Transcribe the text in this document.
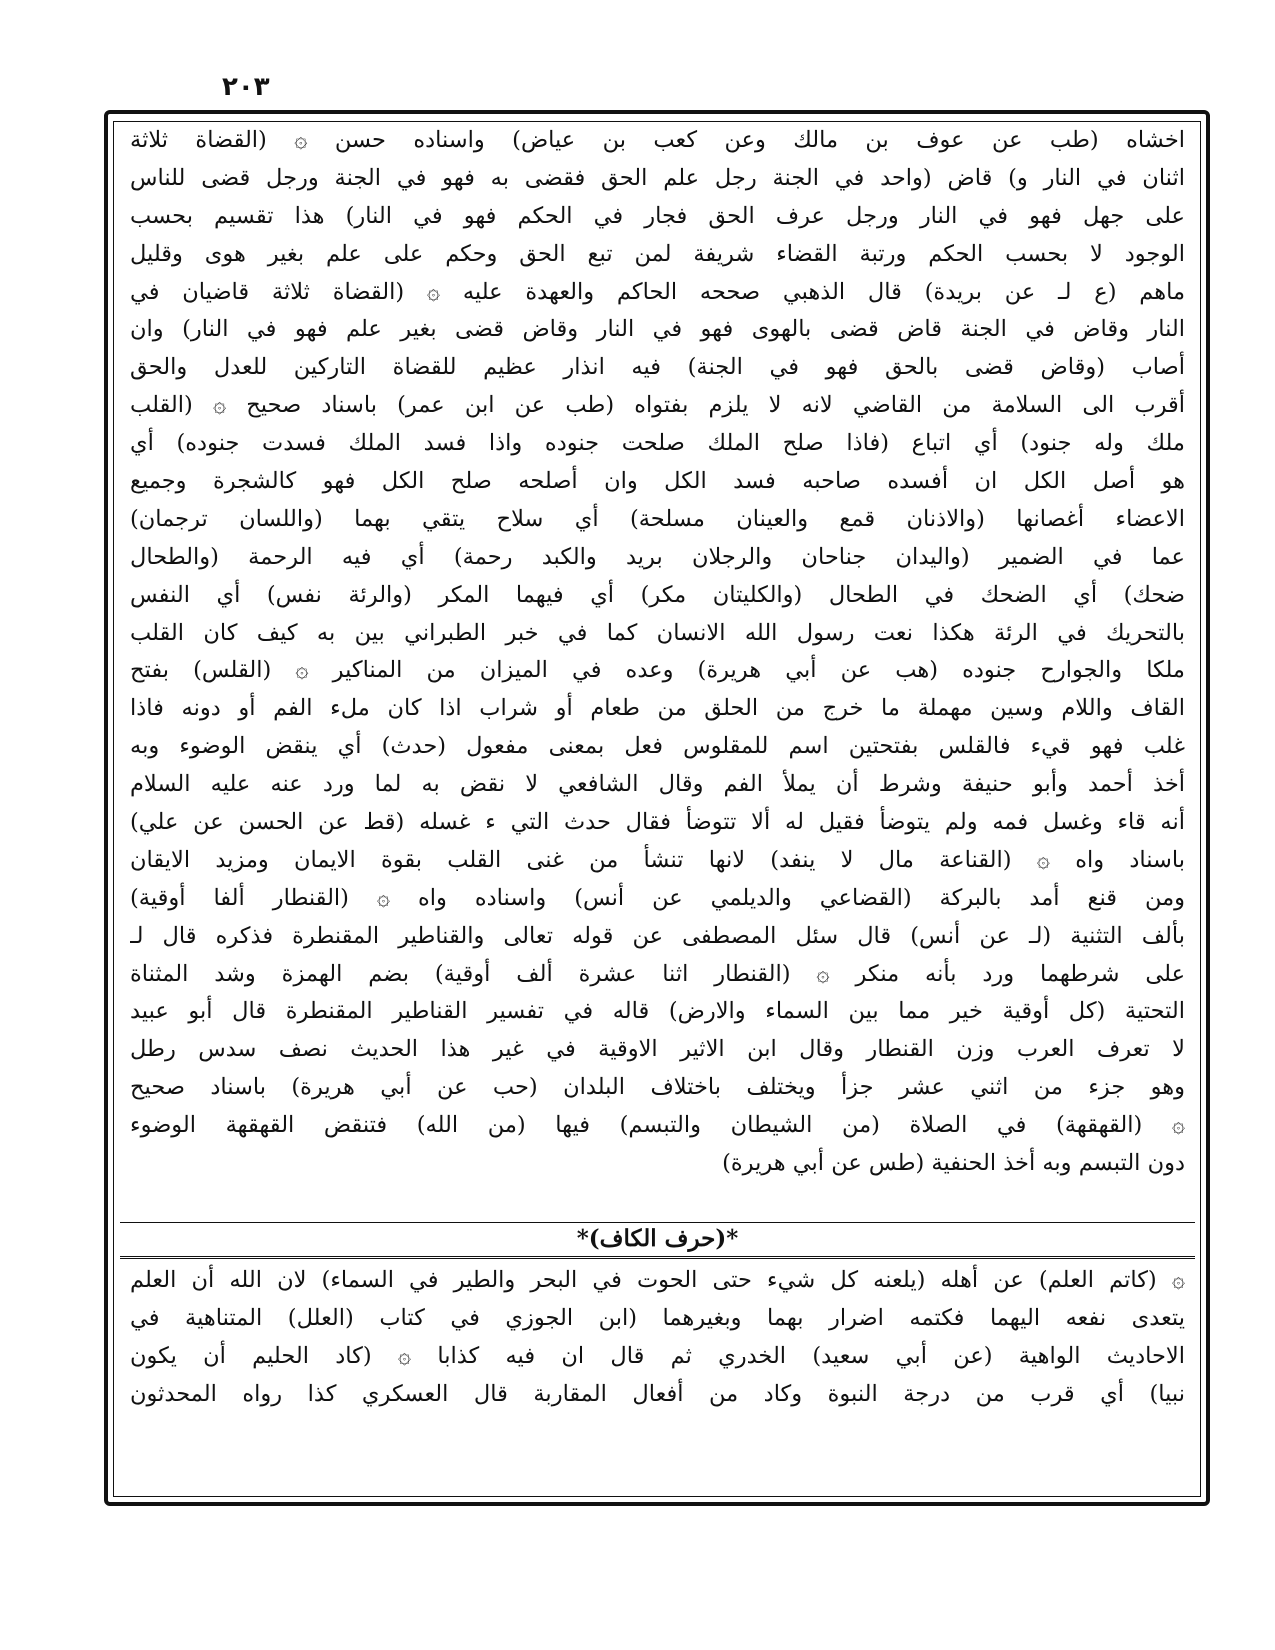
٢٠٣
اخشاه (طب عن عوف بن مالك وعن كعب بن عياض) واسناده حسن ۞ (القضاة ثلاثة
اثنان في النار و) قاض (واحد في الجنة رجل علم الحق فقضى به فهو في الجنة ورجل قضى للناس
على جهل فهو في النار ورجل عرف الحق فجار في الحكم فهو في النار) هذا تقسيم بحسب
الوجود لا بحسب الحكم ورتبة القضاء شريفة لمن تبع الحق وحكم على علم بغير هوى وقليل
ماهم (ع لـ عن بريدة) قال الذهبي صححه الحاكم والعهدة عليه ۞ (القضاة ثلاثة قاضيان في
النار وقاض في الجنة قاض قضى بالهوى فهو في النار وقاض قضى بغير علم فهو في النار) وان
أصاب (وقاض قضى بالحق فهو في الجنة) فيه انذار عظيم للقضاة التاركين للعدل والحق
أقرب الى السلامة من القاضي لانه لا يلزم بفتواه (طب عن ابن عمر) باسناد صحيح ۞ (القلب
ملك وله جنود) أي اتباع (فاذا صلح الملك صلحت جنوده واذا فسد الملك فسدت جنوده) أي
هو أصل الكل ان أفسده صاحبه فسد الكل وان أصلحه صلح الكل فهو كالشجرة وجميع
الاعضاء أغصانها (والاذنان قمع والعينان مسلحة) أي سلاح يتقي بهما (واللسان ترجمان)
عما في الضمير (واليدان جناحان والرجلان بريد والكبد رحمة) أي فيه الرحمة (والطحال
ضحك) أي الضحك في الطحال (والكليتان مكر) أي فيهما المكر (والرئة نفس) أي النفس
بالتحريك في الرئة هكذا نعت رسول الله الانسان كما في خبر الطبراني بين به كيف كان القلب
ملكا والجوارح جنوده (هب عن أبي هريرة) وعده في الميزان من المناكير ۞ (القلس) بفتح
القاف واللام وسين مهملة ما خرج من الحلق من طعام أو شراب اذا كان ملء الفم أو دونه فاذا
غلب فهو قيء فالقلس بفتحتين اسم للمقلوس فعل بمعنى مفعول (حدث) أي ينقض الوضوء وبه
أخذ أحمد وأبو حنيفة وشرط أن يملأ الفم وقال الشافعي لا نقض به لما ورد عنه عليه السلام
أنه قاء وغسل فمه ولم يتوضأ فقيل له ألا تتوضأ فقال حدث التي ء غسله (قط عن الحسن عن علي)
باسناد واه ۞ (القناعة مال لا ينفد) لانها تنشأ من غنى القلب بقوة الايمان ومزيد الايقان
ومن قنع أمد بالبركة (القضاعي والديلمي عن أنس) واسناده واه ۞ (القنطار ألفا أوقية)
بألف التثنية (لـ عن أنس) قال سئل المصطفى عن قوله تعالى والقناطير المقنطرة فذكره قال لـ
على شرطهما ورد بأنه منكر ۞ (القنطار اثنا عشرة ألف أوقية) بضم الهمزة وشد المثناة
التحتية (كل أوقية خير مما بين السماء والارض) قاله في تفسير القناطير المقنطرة قال أبو عبيد
لا تعرف العرب وزن القنطار وقال ابن الاثير الاوقية في غير هذا الحديث نصف سدس رطل
وهو جزء من اثني عشر جزأ ويختلف باختلاف البلدان (حب عن أبي هريرة) باسناد صحيح
۞ (القهقهة) في الصلاة (من الشيطان والتبسم) فيها (من الله) فتنقض القهقهة الوضوء
دون التبسم وبه أخذ الحنفية (طس عن أبي هريرة)
*(حرف الكاف)*
۞ (كاتم العلم) عن أهله (يلعنه كل شيء حتى الحوت في البحر والطير في السماء) لان الله أن العلم
يتعدى نفعه اليهما فكتمه اضرار بهما وبغيرهما (ابن الجوزي في كتاب (العلل) المتناهية في
الاحاديث الواهية (عن أبي سعيد) الخدري ثم قال ان فيه كذابا ۞ (كاد الحليم أن يكون
نبيا) أي قرب من درجة النبوة وكاد من أفعال المقاربة قال العسكري كذا رواه المحدثون
